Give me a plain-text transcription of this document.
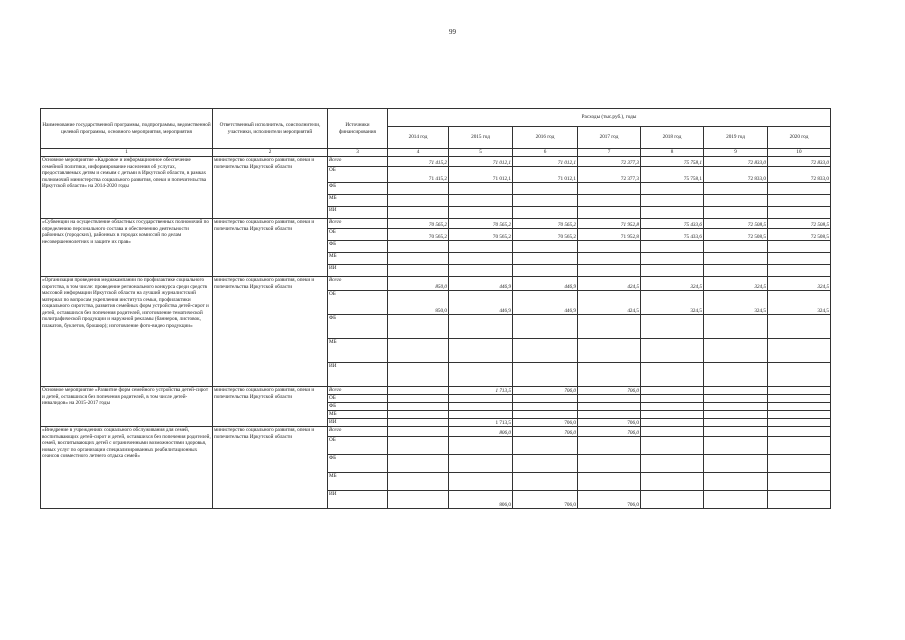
99
Наименование государственной программы, подпрограммы, ведомственной целевой программы, основного мероприятия, мероприятия	Ответственный исполнитель, соисполнители, участники, исполнители мероприятий	Источники финансирования	Расходы (тыс.руб.), годы						
			2014 год	2015 год	2016 год	2017 год	2018 год	2019 год	2020 год
1	2	3	4	5	6	7	8	9	10
Основное мероприятие «Кадровое и информационное обеспечение семейной политики, информирование населения об услугах, предоставляемых детям и семьям с детьми в Иркутской области, в рамках полномочий министерства социального развития, опеки и попечительства Иркутской области» на 2014-2020 годы	министерство социального развития, опеки и попечительства Иркутской области	Всего	71 415,2	71 012,1	71 012,1	72 377,3	75 758,1	72 833,0	72 833,0
		ОБ	71 415,2	71 012,1	71 012,1	72 377,3	75 758,1	72 833,0	72 833,0
		ФБ							
		МБ							
		ИИ							
«Субвенции на осуществление областных государственных полномочий по определению персонального состава и обеспечению деятельности районных (городских), районных в городах комиссий по делам несовершеннолетних и защите их прав»	министерство социального развития, опеки и попечительства Иркутской области	Всего	70 565,2	70 565,2	70 565,2	71 952,8	75 433,6	72 508,5	72 508,5
		ОБ	70 565,2	70 565,2	70 565,2	71 952,8	75 433,6	72 508,5	72 508,5
		ФБ							
		МБ							
		ИИ							
«Организация проведения медиакампании по профилактике социального сиротства, в том числе: проведение регионального конкурса среди средств массовой информации Иркутской области на лучший журналистский материал по вопросам укрепления института семьи, профилактики социального сиротства, развития семейных форм устройства детей-сирот и детей, оставшихся без попечения родителей, изготовление тематической полиграфической продукции и наружной рекламы (баннеров, листовок, плакатов, буклетов, брошюр); изготовление фото-видео продукции»	министерство социального развития, опеки и попечительства Иркутской области	Всего	850,0	446,9	446,9	424,5	324,5	324,5	324,5
		ОБ	850,0	446,9	446,9	424,5	324,5	324,5	324,5
		ФБ							
		МБ							
		ИИ							
Основное мероприятие «Развитие форм семейного устройства детей-сирот и детей, оставшихся без попечения родителей, в том числе детей-инвалидов» на 2015-2017 годы	министерство социального развития, опеки и попечительства Иркутской области	Всего		1 713,5	706,0	706,0			
		ОБ							
		ФБ							
		МБ							
		ИИ		1 713,5	706,0	706,0			
«Внедрение в учреждениях социального обслуживания для семей, воспитывающих детей-сирот и детей, оставшихся без попечения родителей, семей, воспитывающих детей с ограниченными возможностями здоровья, новых услуг по организации специализированных реабилитационных сеансов совместного летнего отдыха семей»	министерство социального развития, опеки и попечительства Иркутской области	Всего		806,0	706,0	706,0			
		ОБ							
		ФБ							
		МБ							
		ИИ		806,0	706,0	706,0			
